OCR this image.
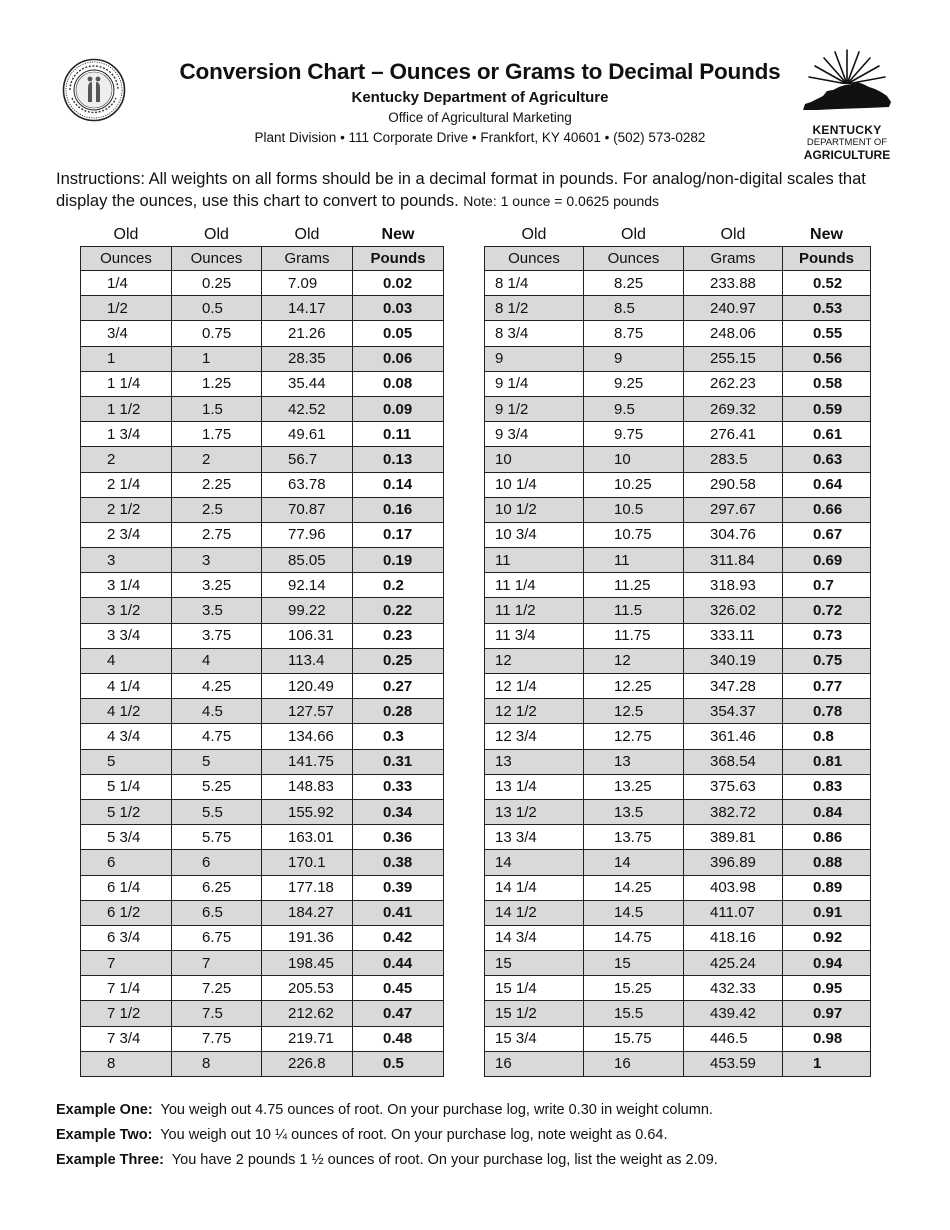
KENTUCKY
DEPARTMENT OF
AGRICULTURE
Conversion Chart – Ounces or Grams to Decimal Pounds
Kentucky Department of Agriculture
Office of Agricultural Marketing
Plant Division • 111 Corporate Drive • Frankfort, KY 40601 • (502) 573-0282
Instructions: All weights on all forms should be in a decimal format in pounds. For analog/non-digital scales that display the ounces, use this chart to convert to pounds. Note: 1 ounce = 0.0625 pounds
Old	Old	Old	New
Ounces	Ounces	Grams	Pounds
1/4	0.25	7.09	0.02
1/2	0.5	14.17	0.03
3/4	0.75	21.26	0.05
1	1	28.35	0.06
1 1/4	1.25	35.44	0.08
1 1/2	1.5	42.52	0.09
1 3/4	1.75	49.61	0.11
2	2	56.7	0.13
2 1/4	2.25	63.78	0.14
2 1/2	2.5	70.87	0.16
2 3/4	2.75	77.96	0.17
3	3	85.05	0.19
3 1/4	3.25	92.14	0.2
3 1/2	3.5	99.22	0.22
3 3/4	3.75	106.31	0.23
4	4	113.4	0.25
4 1/4	4.25	120.49	0.27
4 1/2	4.5	127.57	0.28
4 3/4	4.75	134.66	0.3
5	5	141.75	0.31
5 1/4	5.25	148.83	0.33
5 1/2	5.5	155.92	0.34
5 3/4	5.75	163.01	0.36
6	6	170.1	0.38
6 1/4	6.25	177.18	0.39
6 1/2	6.5	184.27	0.41
6 3/4	6.75	191.36	0.42
7	7	198.45	0.44
7 1/4	7.25	205.53	0.45
7 1/2	7.5	212.62	0.47
7 3/4	7.75	219.71	0.48
8	8	226.8	0.5
Old	Old	Old	New
Ounces	Ounces	Grams	Pounds
8 1/4	8.25	233.88	0.52
8 1/2	8.5	240.97	0.53
8 3/4	8.75	248.06	0.55
9	9	255.15	0.56
9 1/4	9.25	262.23	0.58
9 1/2	9.5	269.32	0.59
9 3/4	9.75	276.41	0.61
10	10	283.5	0.63
10 1/4	10.25	290.58	0.64
10 1/2	10.5	297.67	0.66
10 3/4	10.75	304.76	0.67
11	11	311.84	0.69
11 1/4	11.25	318.93	0.7
11 1/2	11.5	326.02	0.72
11 3/4	11.75	333.11	0.73
12	12	340.19	0.75
12 1/4	12.25	347.28	0.77
12 1/2	12.5	354.37	0.78
12 3/4	12.75	361.46	0.8
13	13	368.54	0.81
13 1/4	13.25	375.63	0.83
13 1/2	13.5	382.72	0.84
13 3/4	13.75	389.81	0.86
14	14	396.89	0.88
14 1/4	14.25	403.98	0.89
14 1/2	14.5	411.07	0.91
14 3/4	14.75	418.16	0.92
15	15	425.24	0.94
15 1/4	15.25	432.33	0.95
15 1/2	15.5	439.42	0.97
15 3/4	15.75	446.5	0.98
16	16	453.59	1
Example One: You weigh out 4.75 ounces of root. On your purchase log, write 0.30 in weight column.
Example Two: You weigh out 10 ¼ ounces of root. On your purchase log, note weight as 0.64.
Example Three: You have 2 pounds 1 ½ ounces of root. On your purchase log, list the weight as 2.09.
